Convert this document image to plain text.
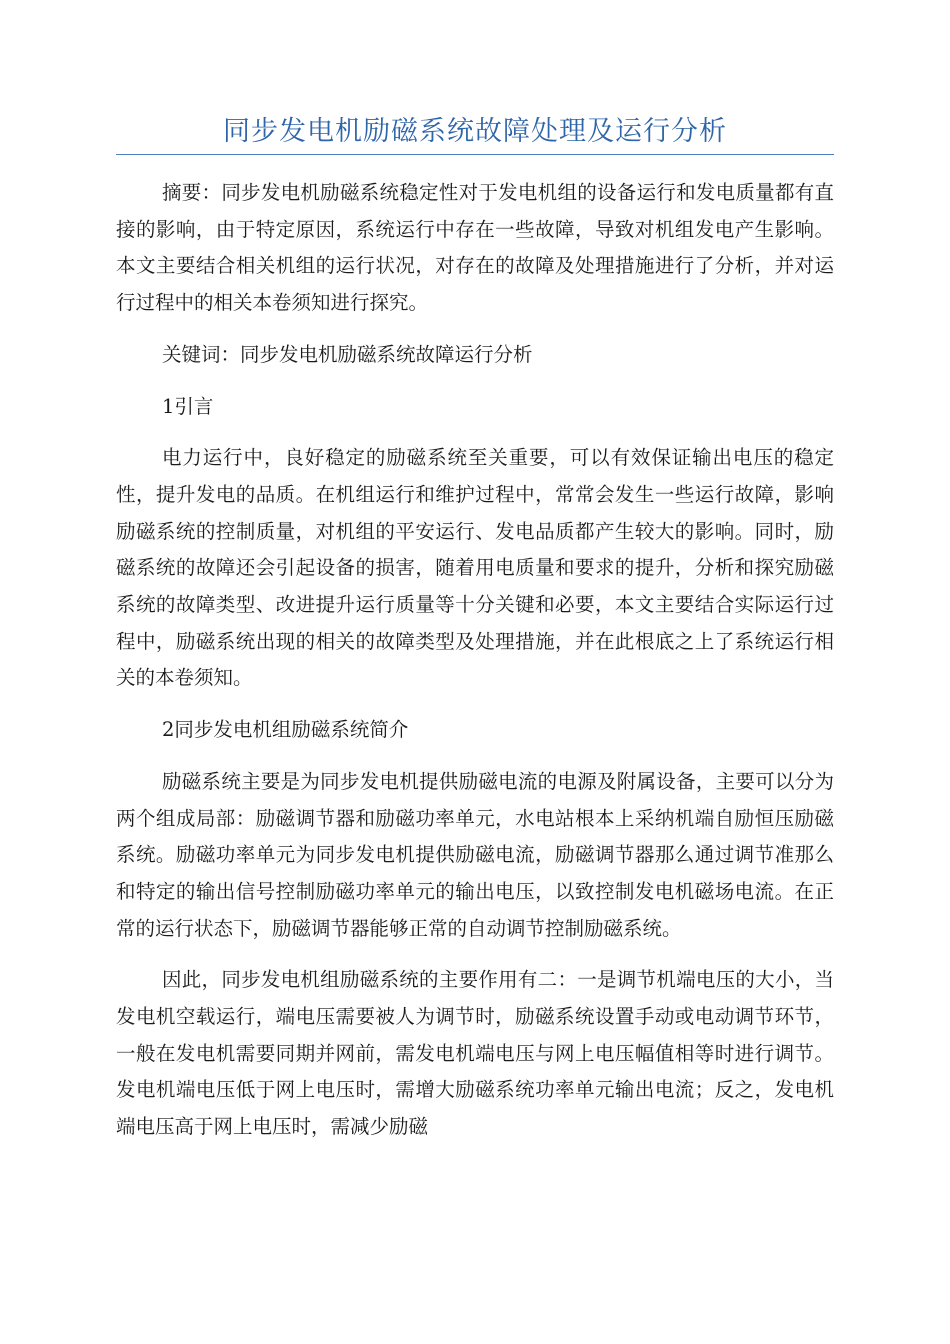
同步发电机励磁系统故障处理及运行分析

摘要：同步发电机励磁系统稳定性对于发电机组的设备运行和发电质量都有直接的影响，由于特定原因，系统运行中存在一些故障，导致对机组发电产生影响。本文主要结合相关机组的运行状况，对存在的故障及处理措施进行了分析，并对运行过程中的相关本卷须知进行探究。

关键词：同步发电机励磁系统故障运行分析

1引言

电力运行中，良好稳定的励磁系统至关重要，可以有效保证输出电压的稳定性，提升发电的品质。在机组运行和维护过程中，常常会发生一些运行故障，影响励磁系统的控制质量，对机组的平安运行、发电品质都产生较大的影响。同时，励磁系统的故障还会引起设备的损害，随着用电质量和要求的提升，分析和探究励磁系统的故障类型、改进提升运行质量等十分关键和必要，本文主要结合实际运行过程中，励磁系统出现的相关的故障类型及处理措施，并在此根底之上了系统运行相关的本卷须知。

2同步发电机组励磁系统简介

励磁系统主要是为同步发电机提供励磁电流的电源及附属设备，主要可以分为两个组成局部：励磁调节器和励磁功率单元，水电站根本上采纳机端自励恒压励磁系统。励磁功率单元为同步发电机提供励磁电流，励磁调节器那么通过调节准那么和特定的输出信号控制励磁功率单元的输出电压，以致控制发电机磁场电流。在正常的运行状态下，励磁调节器能够正常的自动调节控制励磁系统。

因此，同步发电机组励磁系统的主要作用有二：一是调节机端电压的大小，当发电机空载运行，端电压需要被人为调节时，励磁系统设置手动或电动调节环节，一般在发电机需要同期并网前，需发电机端电压与网上电压幅值相等时进行调节。发电机端电压低于网上电压时，需增大励磁系统功率单元输出电流；反之，发电机端电压高于网上电压时，需减少励磁
